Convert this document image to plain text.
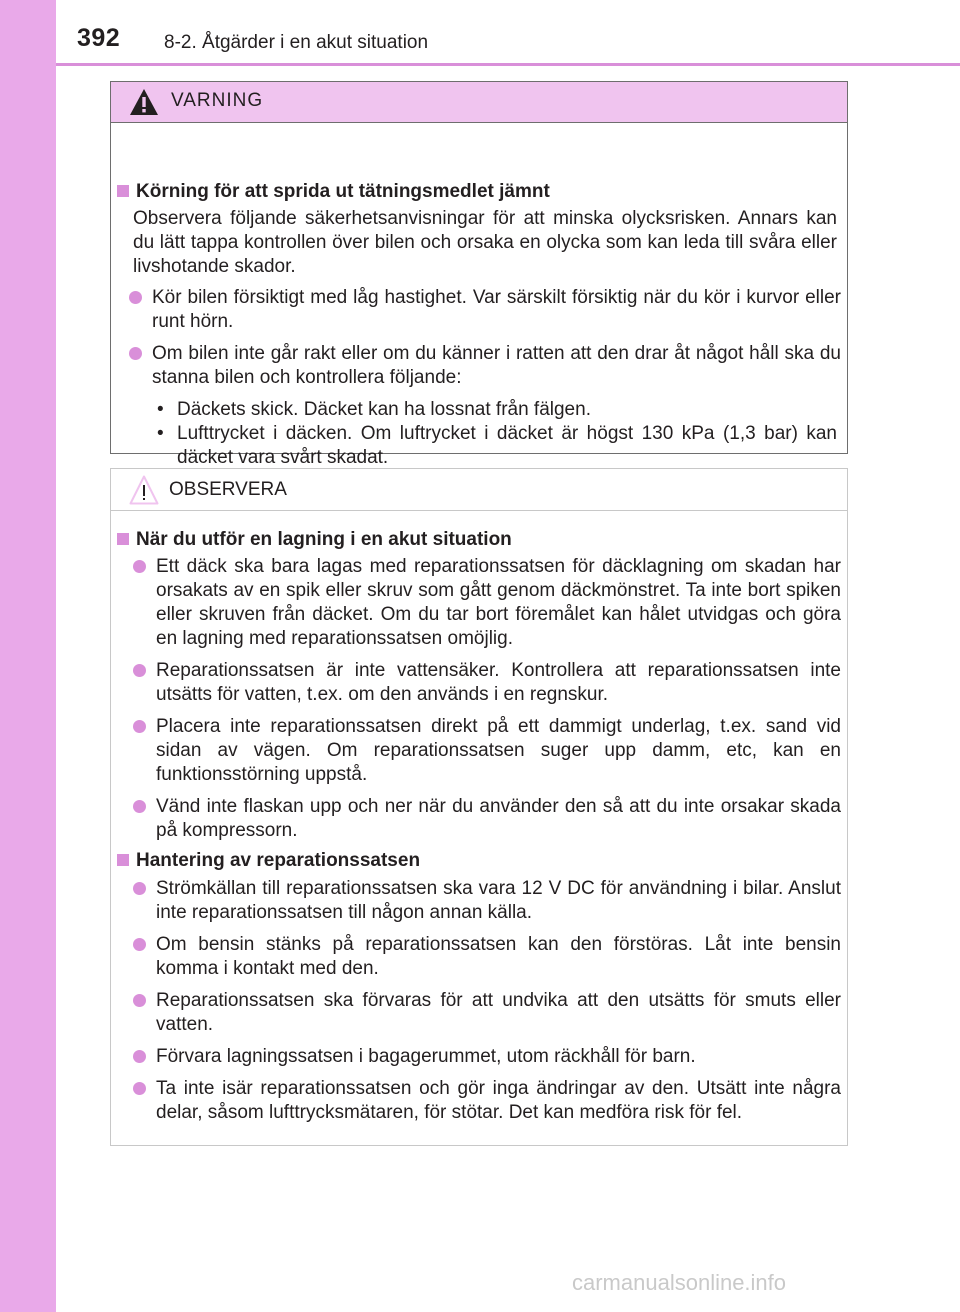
392 8-2. Åtgärder i en akut situation
VARNING
Körning för att sprida ut tätningsmedlet jämnt
Observera följande säkerhetsanvisningar för att minska olycksrisken. Annars kan du lätt tappa kontrollen över bilen och orsaka en olycka som kan leda till svåra eller livshotande skador.
Kör bilen försiktigt med låg hastighet. Var särskilt försiktig när du kör i kurvor eller runt hörn.
Om bilen inte går rakt eller om du känner i ratten att den drar åt något håll ska du stanna bilen och kontrollera följande:
• Däckets skick. Däcket kan ha lossnat från fälgen.
• Lufttrycket i däcken. Om luftrycket i däcket är högst 130 kPa (1,3 bar) kan däcket vara svårt skadat.
OBSERVERA
När du utför en lagning i en akut situation
Ett däck ska bara lagas med reparationssatsen för däcklagning om skadan har orsakats av en spik eller skruv som gått genom däckmönstret. Ta inte bort spiken eller skruven från däcket. Om du tar bort föremålet kan hålet utvidgas och göra en lagning med reparationssatsen omöjlig.
Reparationssatsen är inte vattensäker. Kontrollera att reparationssatsen inte utsätts för vatten, t.ex. om den används i en regnskur.
Placera inte reparationssatsen direkt på ett dammigt underlag, t.ex. sand vid sidan av vägen. Om reparationssatsen suger upp damm, etc, kan en funktionsstörning uppstå.
Vänd inte flaskan upp och ner när du använder den så att du inte orsakar skada på kompressorn.
Hantering av reparationssatsen
Strömkällan till reparationssatsen ska vara 12 V DC för användning i bilar. Anslut inte reparationssatsen till någon annan källa.
Om bensin stänks på reparationssatsen kan den förstöras. Låt inte bensin komma i kontakt med den.
Reparationssatsen ska förvaras för att undvika att den utsätts för smuts eller vatten.
Förvara lagningssatsen i bagagerummet, utom räckhåll för barn.
Ta inte isär reparationssatsen och gör inga ändringar av den. Utsätt inte några delar, såsom lufttrycksmätaren, för stötar. Det kan medföra risk för fel.
carmanualsonline.info
